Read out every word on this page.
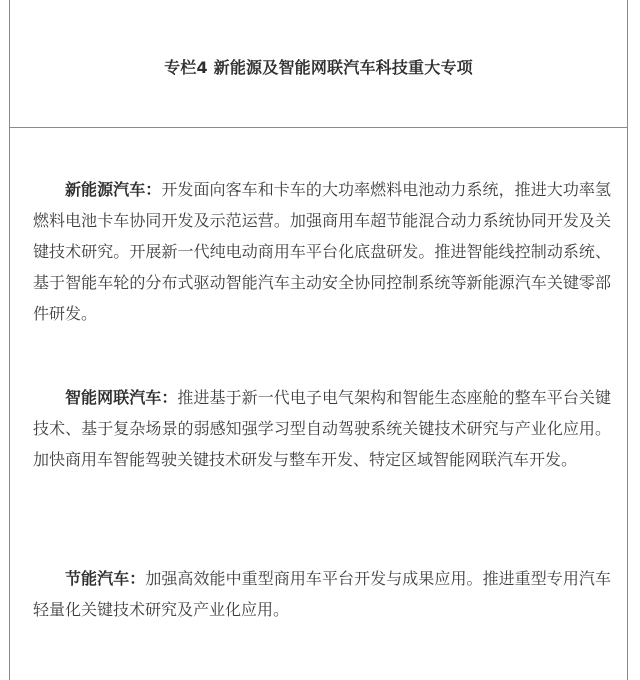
专栏4 新能源及智能网联汽车科技重大专项

新能源汽车：开发面向客车和卡车的大功率燃料电池动力系统，推进大功率氢燃料电池卡车协同开发及示范运营。加强商用车超节能混合动力系统协同开发及关键技术研究。开展新一代纯电动商用车平台化底盘研发。推进智能线控制动系统、基于智能车轮的分布式驱动智能汽车主动安全协同控制系统等新能源汽车关键零部件研发。

智能网联汽车：推进基于新一代电子电气架构和智能生态座舱的整车平台关键技术、基于复杂场景的弱感知强学习型自动驾驶系统关键技术研究与产业化应用。加快商用车智能驾驶关键技术研发与整车开发、特定区域智能网联汽车开发。

节能汽车：加强高效能中重型商用车平台开发与成果应用。推进重型专用汽车轻量化关键技术研究及产业化应用。
